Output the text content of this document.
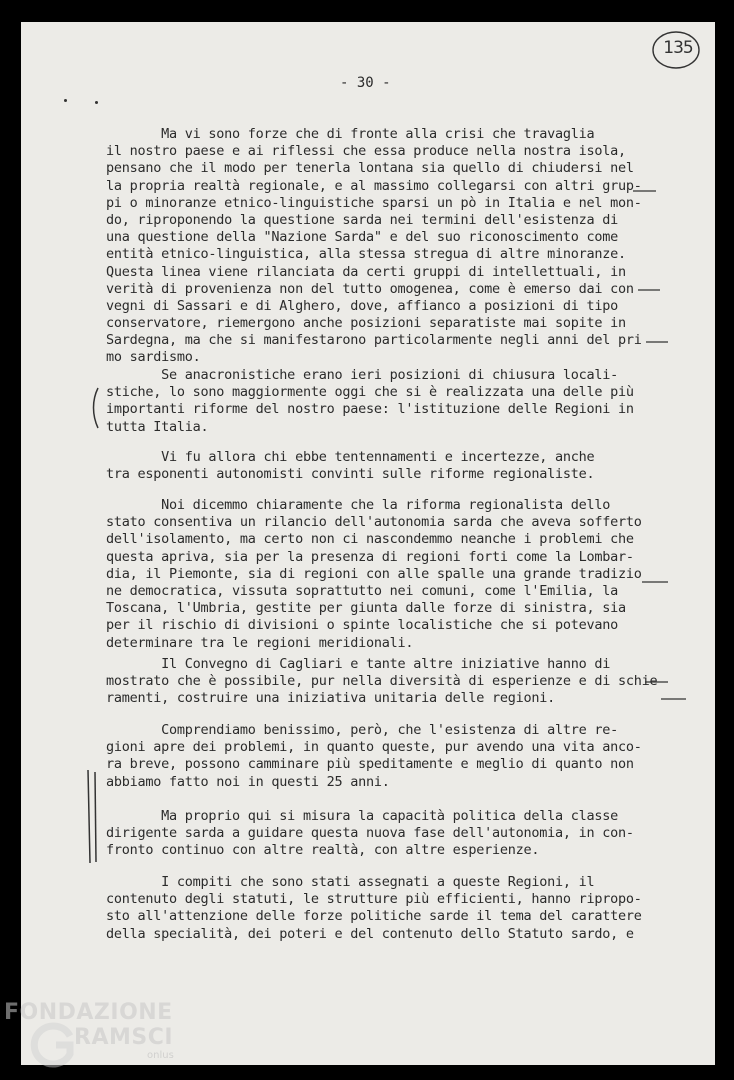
- 30 -
135
Ma vi sono forze che di fronte alla crisi che travaglia
il nostro paese e ai riflessi che essa produce nella nostra isola,
pensano che il modo per tenerla lontana sia quello di chiudersi nel
la propria realtà regionale, e al massimo collegarsi con altri grup-
pi o minoranze etnico-linguistiche sparsi un pò in Italia e nel mon-
do, riproponendo la questione sarda nei termini dell'esistenza di
una questione della "Nazione Sarda" e del suo riconoscimento come
entità etnico-linguistica, alla stessa stregua di altre minoranze.
Questa linea viene rilanciata da certi gruppi di intellettuali, in
verità di provenienza non del tutto omogenea, come è emerso dai con
vegni di Sassari e di Alghero, dove, affianco a posizioni di tipo
conservatore, riemergono anche posizioni separatiste mai sopite in
Sardegna, ma che si manifestarono particolarmente negli anni del pri
mo sardismo.
Se anacronistiche erano ieri posizioni di chiusura locali-
stiche, lo sono maggiormente oggi che si è realizzata una delle più
importanti riforme del nostro paese: l'istituzione delle Regioni in
tutta Italia.
Vi fu allora chi ebbe tentennamenti e incertezze, anche
tra esponenti autonomisti convinti sulle riforme regionaliste.
Noi dicemmo chiaramente che la riforma regionalista dello
stato consentiva un rilancio dell'autonomia sarda che aveva sofferto
dell'isolamento, ma certo non ci nascondemmo neanche i problemi che
questa apriva, sia per la presenza di regioni forti come la Lombar-
dia, il Piemonte, sia di regioni con alle spalle una grande tradizio
ne democratica, vissuta soprattutto nei comuni, come l'Emilia, la
Toscana, l'Umbria, gestite per giunta dalle forze di sinistra, sia
per il rischio di divisioni o spinte localistiche che si potevano
determinare tra le regioni meridionali.
Il Convegno di Cagliari e tante altre iniziative hanno di
mostrato che è possibile, pur nella diversità di esperienze e di schie
ramenti, costruire una iniziativa unitaria delle regioni.
Comprendiamo benissimo, però, che l'esistenza di altre re-
gioni apre dei problemi, in quanto queste, pur avendo una vita anco-
ra breve, possono camminare più speditamente e meglio di quanto non
abbiamo fatto noi in questi 25 anni.
Ma proprio qui si misura la capacità politica della classe
dirigente sarda a guidare questa nuova fase dell'autonomia, in con-
fronto continuo con altre realtà, con altre esperienze.
I compiti che sono stati assegnati a queste Regioni, il
contenuto degli statuti, le strutture più efficienti, hanno ripropo-
sto all'attenzione delle forze politiche sarde il tema del carattere
della specialità, dei poteri e del contenuto dello Statuto sardo, e
FONDAZIONE
RAMSCI
onlus
